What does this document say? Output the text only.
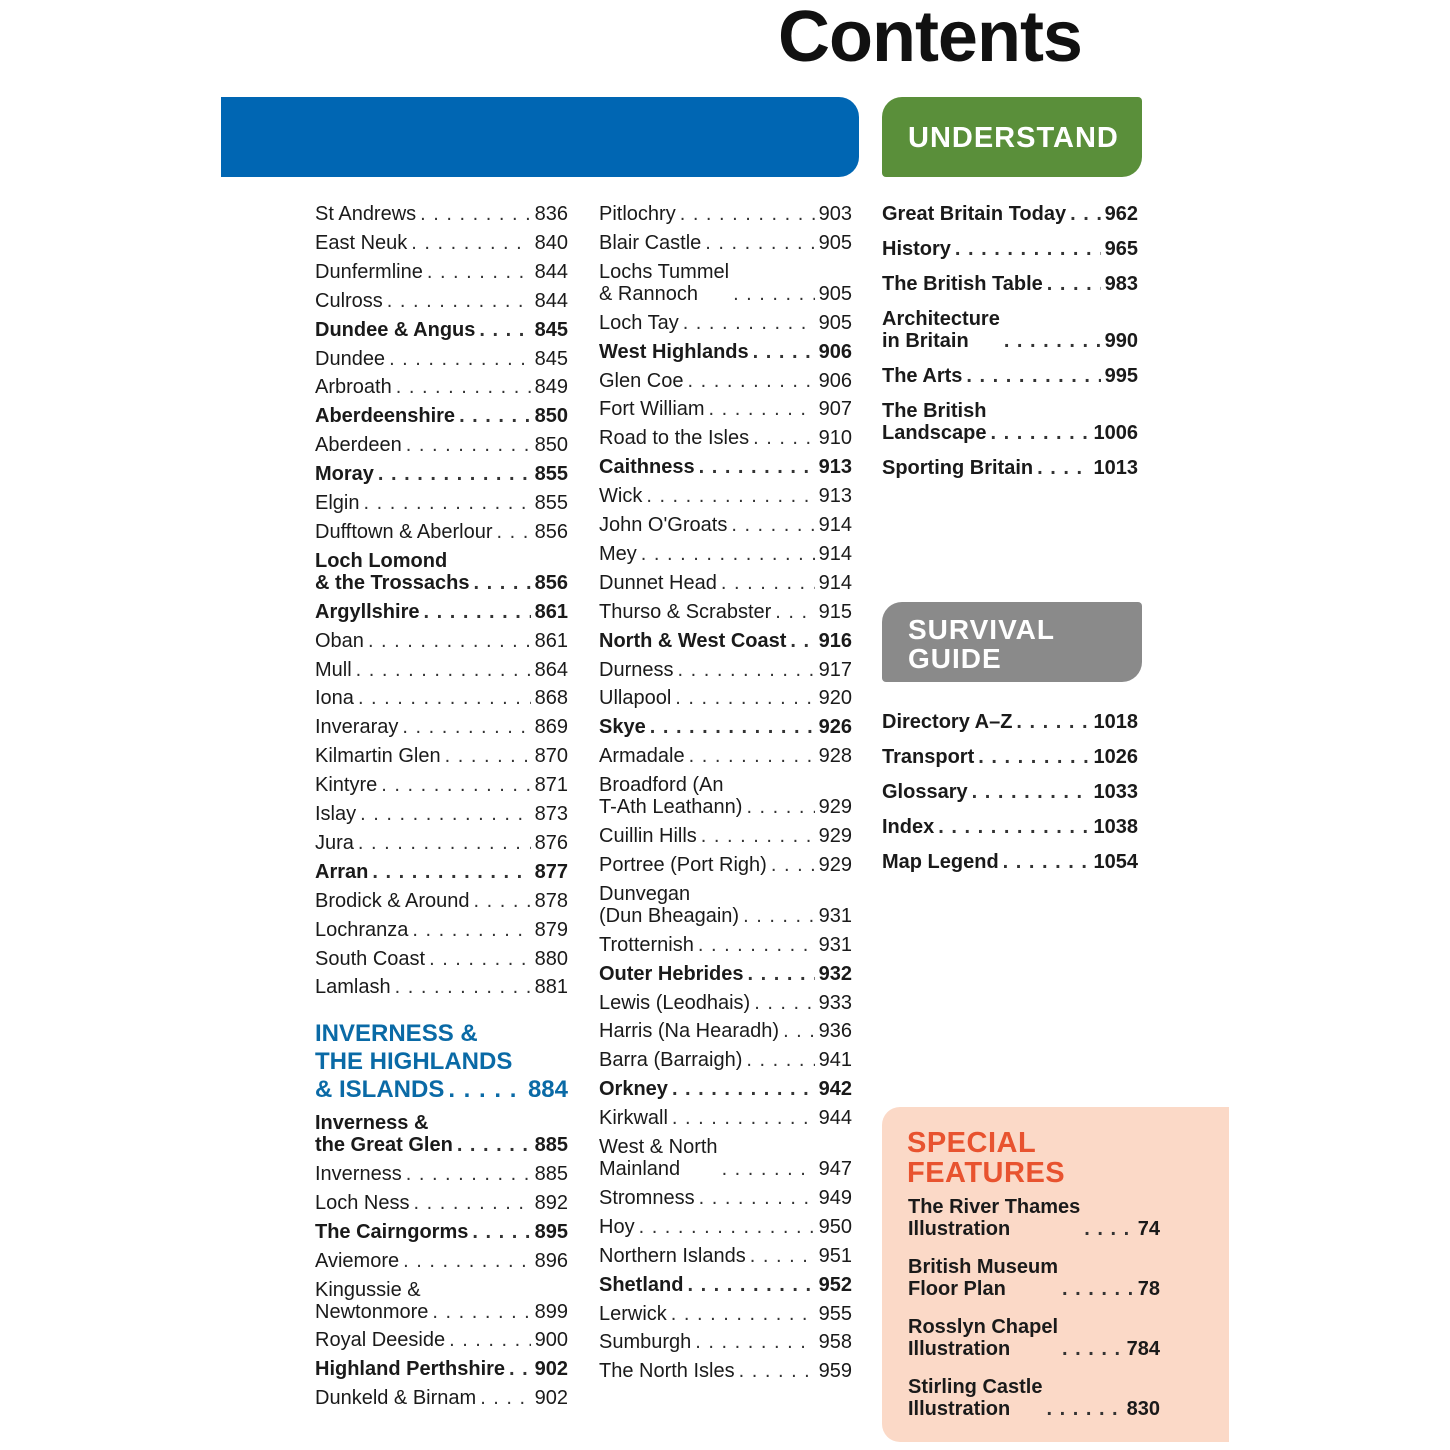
Contents
UNDERSTAND
SURVIVAL
GUIDE
SPECIAL
FEATURES
St Andrews . . .	836
East Neuk . . .	840
Dunfermline . . .	844
Culross . . .	844
Dundee & Angus . . .	845
Dundee . . .	845
Arbroath . . .	849
Aberdeenshire . . .	850
Aberdeen . . .	850
Moray . . .	855
Elgin . . .	855
Dufftown & Aberlour . . . 856
Loch Lomond
& the Trossachs . . .	856
Argyllshire . . .	861
Oban . . .	861
Mull . . .	864
Iona . . .	868
Inveraray . . .	869
Kilmartin Glen . . .	870
Kintyre . . .	871
Islay . . .	873
Jura . . .	876
Arran . . .	877
Brodick & Around . . .	878
Lochranza . . .	879
South Coast . . .	880
Lamlash . . .	881
INVERNESS &
THE HIGHLANDS
& ISLANDS . . .	884
Inverness &
the Great Glen . . .	885
Inverness . . .	885
Loch Ness . . .	892
The Cairngorms . . .	895
Aviemore . . .	896
Kingussie &
Newtonmore . . .	899
Royal Deeside . . .	900
Highland Perthshire . . . 902
Dunkeld & Birnam . . .	902
Pitlochry . . .	903
Blair Castle . . .	905
Lochs Tummel
& Rannoch . . .	905
Loch Tay . . .	905
West Highlands . . .	906
Glen Coe . . .	906
Fort William . . .	907
Road to the Isles . . .	910
Caithness . . .	913
Wick . . .	913
John O'Groats . . .	914
Mey . . .	914
Dunnet Head . . .	914
Thurso & Scrabster . . . 915
North & West Coast . . . 916
Durness . . .	917
Ullapool . . .	920
Skye . . .	926
Armadale . . .	928
Broadford (An
T-Ath Leathann) . . .	929
Cuillin Hills . . .	929
Portree (Port Righ) . . .	929
Dunvegan
(Dun Bheagain) . . .	931
Trotternish . . .	931
Outer Hebrides . . .	932
Lewis (Leodhais) . . .	933
Harris (Na Hearadh) . . . 936
Barra (Barraigh) . . .	941
Orkney . . .	942
Kirkwall . . .	944
West & North
Mainland . . .	947
Stromness . . .	949
Hoy . . .	950
Northern Islands . . .	951
Shetland . . .	952
Lerwick . . .	955
Sumburgh . . .	958
The North Isles . . .	959
Great Britain Today . . . 962
History . . .	965
The British Table . . .	983
Architecture
in Britain . . .	990
The Arts . . .	995
The British
Landscape . . .	1006
Sporting Britain . . .	1013
Directory A–Z . . .	1018
Transport . . .	1026
Glossary . . .	1033
Index . . .	1038
Map Legend . . .	1054
The River Thames
Illustration . . .	74
British Museum
Floor Plan . . .	78
Rosslyn Chapel
Illustration . . .	784
Stirling Castle
Illustration . . .	830
